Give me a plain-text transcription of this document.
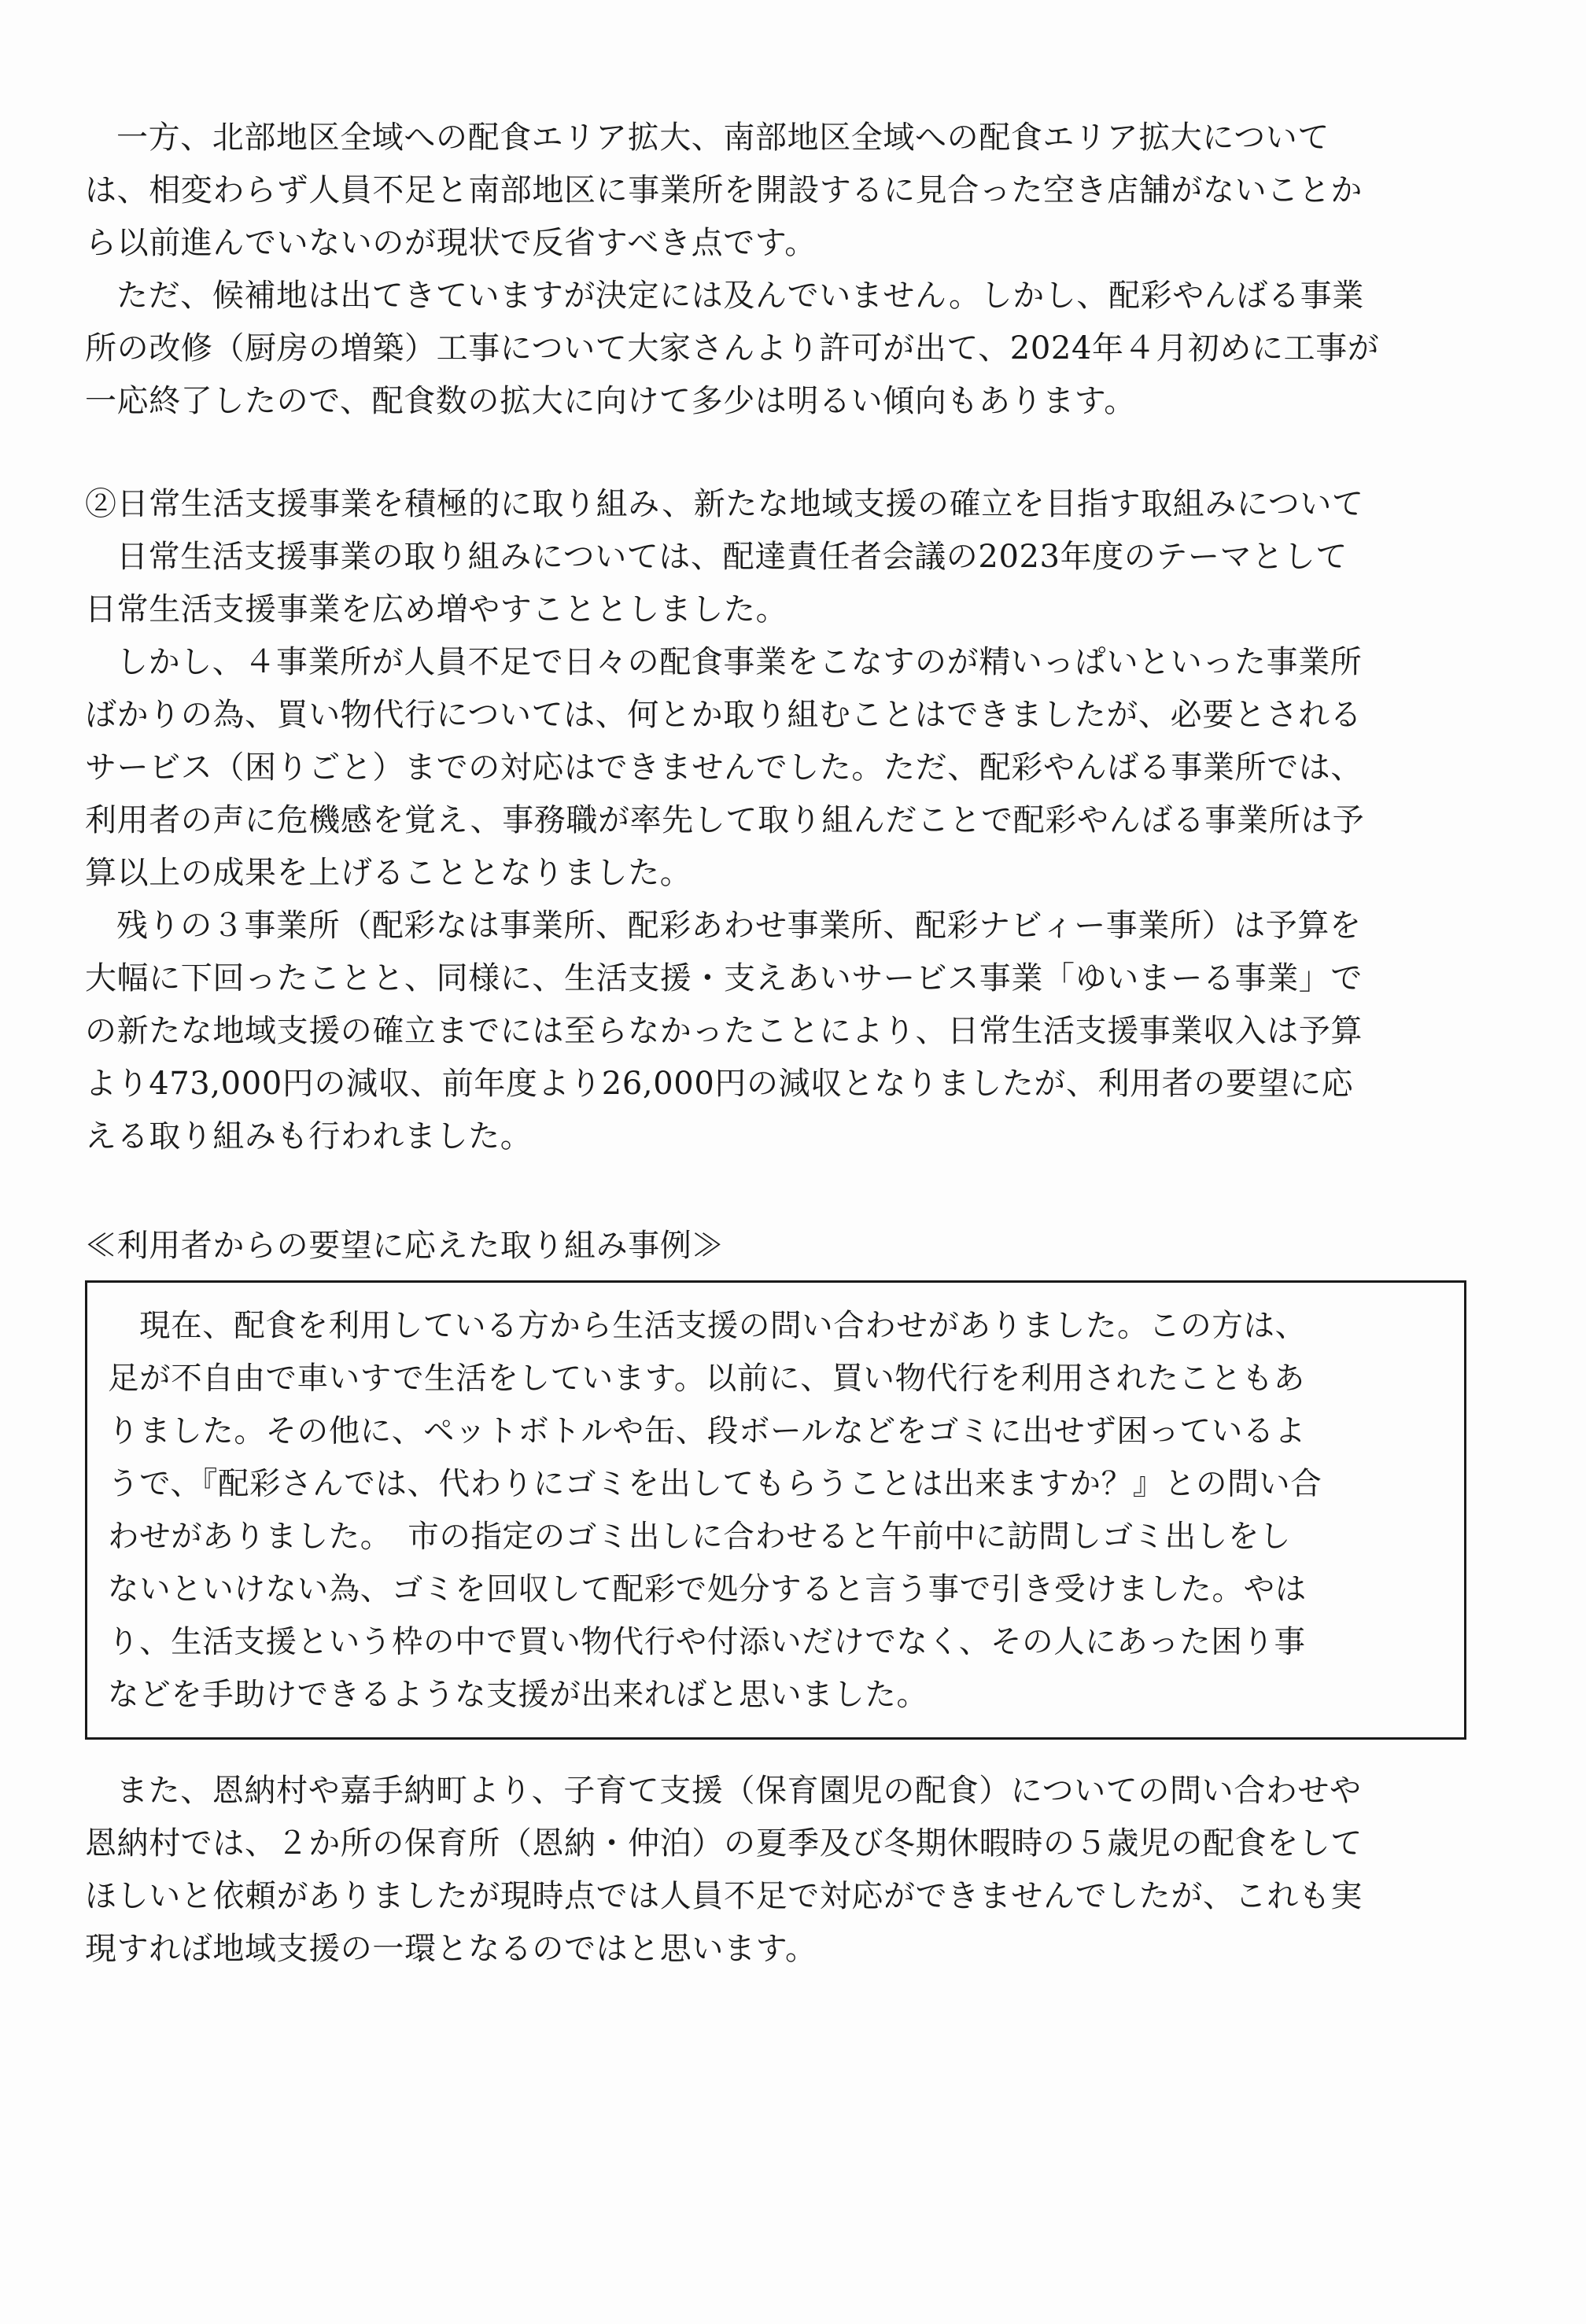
一方、北部地区全域への配食エリア拡大、南部地区全域への配食エリア拡大について
は、相変わらず人員不足と南部地区に事業所を開設するに見合った空き店舗がないことか
ら以前進んでいないのが現状で反省すべき点です。
ただ、候補地は出てきていますが決定には及んでいません。しかし、配彩やんばる事業
所の改修（厨房の増築）工事について大家さんより許可が出て、2024年４月初めに工事が
一応終了したので、配食数の拡大に向けて多少は明るい傾向もあります。
②日常生活支援事業を積極的に取り組み、新たな地域支援の確立を目指す取組みについて
日常生活支援事業の取り組みについては、配達責任者会議の2023年度のテーマとして
日常生活支援事業を広め増やすこととしました。
しかし、４事業所が人員不足で日々の配食事業をこなすのが精いっぱいといった事業所
ばかりの為、買い物代行については、何とか取り組むことはできましたが、必要とされる
サービス（困りごと）までの対応はできませんでした。ただ、配彩やんばる事業所では、
利用者の声に危機感を覚え、事務職が率先して取り組んだことで配彩やんばる事業所は予
算以上の成果を上げることとなりました。
残りの３事業所（配彩なは事業所、配彩あわせ事業所、配彩ナビィー事業所）は予算を
大幅に下回ったことと、同様に、生活支援・支えあいサービス事業「ゆいまーる事業」で
の新たな地域支援の確立までには至らなかったことにより、日常生活支援事業収入は予算
より473,000円の減収、前年度より26,000円の減収となりましたが、利用者の要望に応
える取り組みも行われました。
≪利用者からの要望に応えた取り組み事例≫
現在、配食を利用している方から生活支援の問い合わせがありました。この方は、
足が不自由で車いすで生活をしています。以前に、買い物代行を利用されたこともあ
りました。その他に、ペットボトルや缶、段ボールなどをゴミに出せず困っているよ
うで、『配彩さんでは、代わりにゴミを出してもらうことは出来ますか？』との問い合
わせがありました。　市の指定のゴミ出しに合わせると午前中に訪問しゴミ出しをし
ないといけない為、ゴミを回収して配彩で処分すると言う事で引き受けました。やは
り、生活支援という枠の中で買い物代行や付添いだけでなく、その人にあった困り事
などを手助けできるような支援が出来ればと思いました。
また、恩納村や嘉手納町より、子育て支援（保育園児の配食）についての問い合わせや
恩納村では、２か所の保育所（恩納・仲泊）の夏季及び冬期休暇時の５歳児の配食をして
ほしいと依頼がありましたが現時点では人員不足で対応ができませんでしたが、これも実
現すれば地域支援の一環となるのではと思います。
